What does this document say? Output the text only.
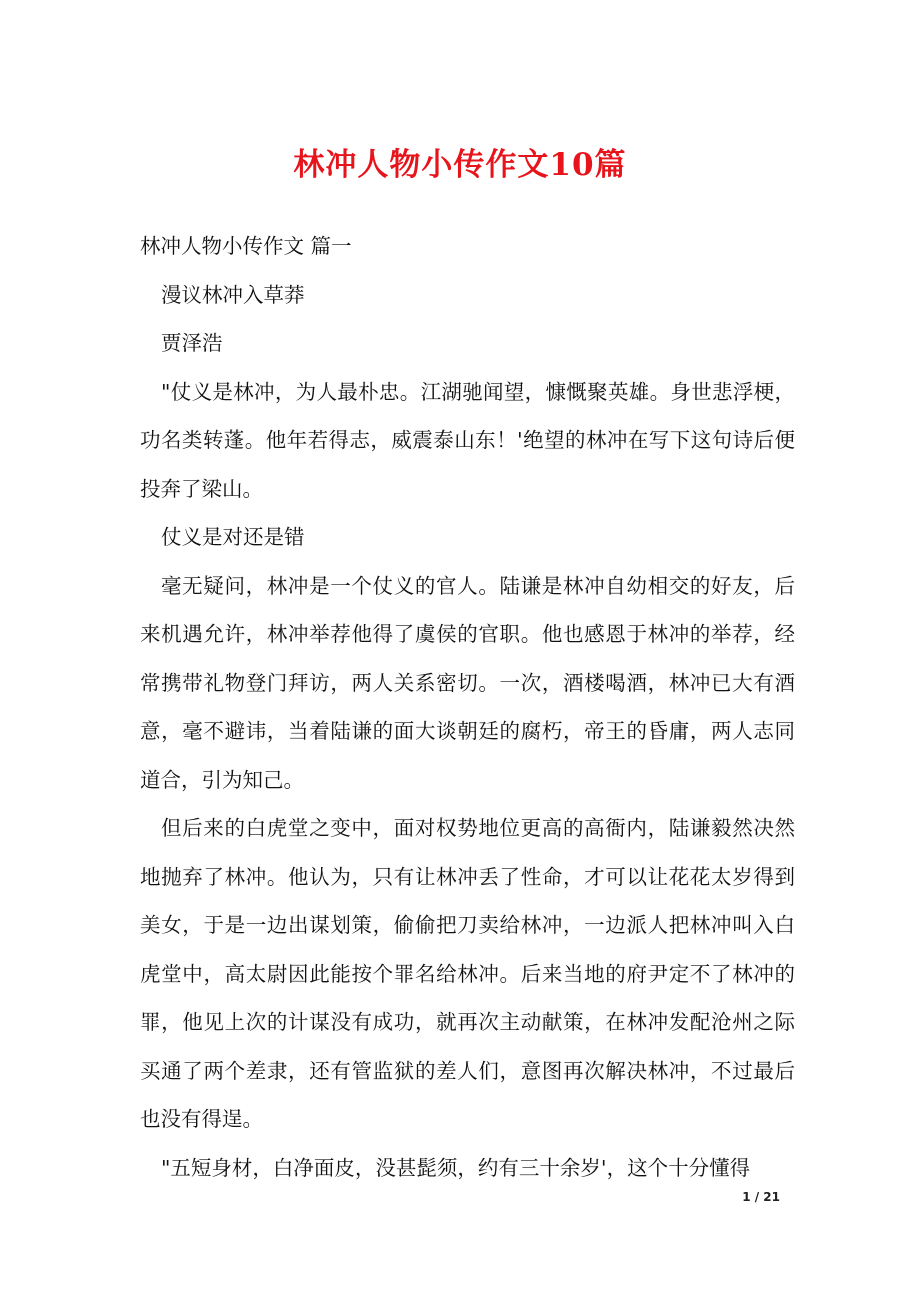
林冲人物小传作文10篇

林冲人物小传作文 篇一

漫议林冲入草莽

贾泽浩

"仗义是林冲，为人最朴忠。江湖驰闻望，慷慨聚英雄。身世悲浮梗，功名类转蓬。他年若得志，威震泰山东！'绝望的林冲在写下这句诗后便投奔了梁山。

仗义是对还是错

毫无疑问，林冲是一个仗义的官人。陆谦是林冲自幼相交的好友，后来机遇允许，林冲举荐他得了虞侯的官职。他也感恩于林冲的举荐，经常携带礼物登门拜访，两人关系密切。一次，酒楼喝酒，林冲已大有酒意，毫不避讳，当着陆谦的面大谈朝廷的腐朽，帝王的昏庸，两人志同道合，引为知己。

但后来的白虎堂之变中，面对权势地位更高的高衙内，陆谦毅然决然地抛弃了林冲。他认为，只有让林冲丢了性命，才可以让花花太岁得到美女，于是一边出谋划策，偷偷把刀卖给林冲，一边派人把林冲叫入白虎堂中，高太尉因此能按个罪名给林冲。后来当地的府尹定不了林冲的罪，他见上次的计谋没有成功，就再次主动献策，在林冲发配沧州之际买通了两个差隶，还有管监狱的差人们，意图再次解决林冲，不过最后也没有得逞。

"五短身材，白净面皮，没甚髭须，约有三十余岁'，这个十分懂得

1 / 21
